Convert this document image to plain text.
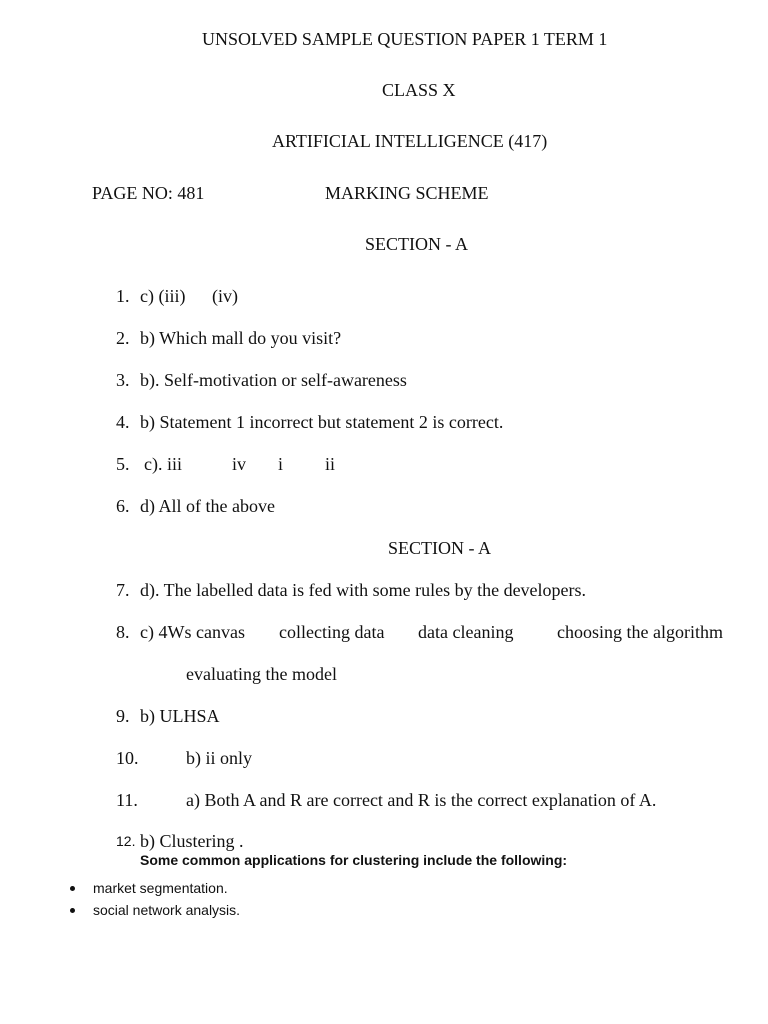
UNSOLVED SAMPLE QUESTION PAPER 1 TERM 1
CLASS X
ARTIFICIAL INTELLIGENCE (417)
PAGE NO: 481	MARKING SCHEME
SECTION - A
1. c) (iii) (iv)
2. b) Which mall do you visit?
3. b). Self-motivation or self-awareness
4. b) Statement 1 incorrect but statement 2 is correct.
5. c). iii	iv i ii
6. d) All of the above
SECTION - A
7. d). The labelled data is fed with some rules by the developers.
8. c) 4Ws canvas collecting data data cleaning choosing the algorithm
evaluating the model
9. b) ULHSA
10.	b) ii only
11.	a) Both A and R are correct and R is the correct explanation of A.
12. b) Clustering .
Some common applications for clustering include the following:
market segmentation.
social network analysis.
